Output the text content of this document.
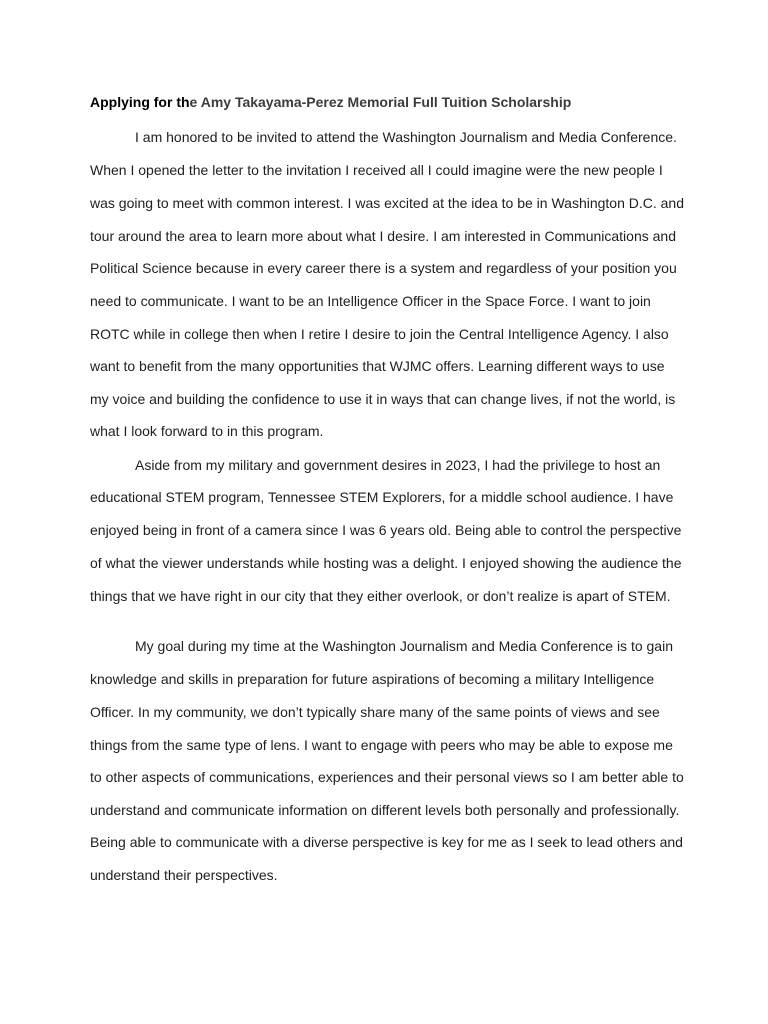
Applying for the Amy Takayama-Perez Memorial Full Tuition Scholarship
I am honored to be invited to attend the Washington Journalism and Media Conference.
When I opened the letter to the invitation I received all I could imagine were the new people I
was going to meet with common interest. I was excited at the idea to be in Washington D.C. and
tour around the area to learn more about what I desire. I am interested in Communications and
Political Science because in every career there is a system and regardless of your position you
need to communicate. I want to be an Intelligence Officer in the Space Force. I want to join
ROTC while in college then when I retire I desire to join the Central Intelligence Agency. I also
want to benefit from the many opportunities that WJMC offers. Learning different ways to use
my voice and building the confidence to use it in ways that can change lives, if not the world, is
what I look forward to in this program.
Aside from my military and government desires in 2023, I had the privilege to host an
educational STEM program, Tennessee STEM Explorers, for a middle school audience. I have
enjoyed being in front of a camera since I was 6 years old. Being able to control the perspective
of what the viewer understands while hosting was a delight. I enjoyed showing the audience the
things that we have right in our city that they either overlook, or don’t realize is apart of STEM.
My goal during my time at the Washington Journalism and Media Conference is to gain
knowledge and skills in preparation for future aspirations of becoming a military Intelligence
Officer. In my community, we don’t typically share many of the same points of views and see
things from the same type of lens. I want to engage with peers who may be able to expose me
to other aspects of communications, experiences and their personal views so I am better able to
understand and communicate information on different levels both personally and professionally.
Being able to communicate with a diverse perspective is key for me as I seek to lead others and
understand their perspectives.
